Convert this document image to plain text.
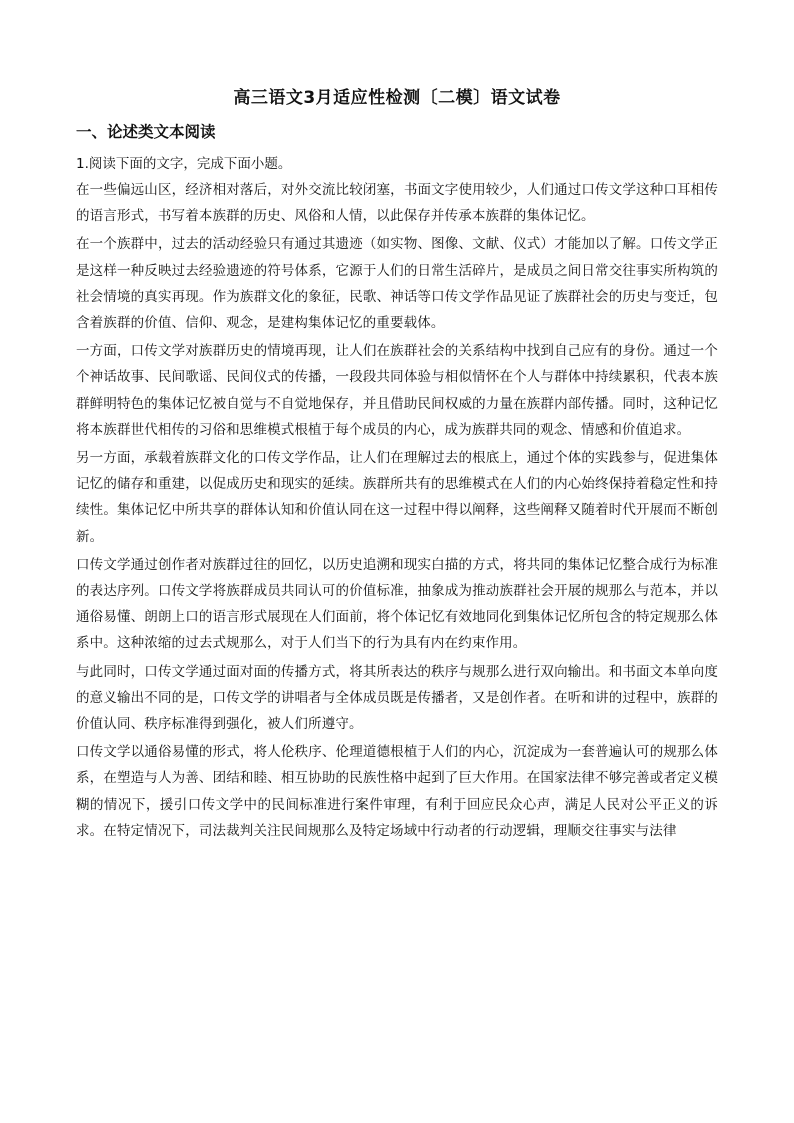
高三语文3月适应性检测〔二模〕语文试卷
一、论述类文本阅读

1.阅读下面的文字，完成下面小题。

在一些偏远山区，经济相对落后，对外交流比较闭塞，书面文字使用较少，人们通过口传文学这种口耳相传的语言形式，书写着本族群的历史、风俗和人情，以此保存并传承本族群的集体记忆。

在一个族群中，过去的活动经验只有通过其遗迹（如实物、图像、文献、仪式）才能加以了解。口传文学正是这样一种反映过去经验遗迹的符号体系，它源于人们的日常生活碎片，是成员之间日常交往事实所构筑的社会情境的真实再现。作为族群文化的象征，民歌、神话等口传文学作品见证了族群社会的历史与变迁，包含着族群的价值、信仰、观念，是建构集体记忆的重要载体。

一方面，口传文学对族群历史的情境再现，让人们在族群社会的关系结构中找到自己应有的身份。通过一个个神话故事、民间歌谣、民间仪式的传播，一段段共同体验与相似情怀在个人与群体中持续累积，代表本族群鲜明特色的集体记忆被自觉与不自觉地保存，并且借助民间权威的力量在族群内部传播。同时，这种记忆将本族群世代相传的习俗和思维模式根植于每个成员的内心，成为族群共同的观念、情感和价值追求。

另一方面，承载着族群文化的口传文学作品，让人们在理解过去的根底上，通过个体的实践参与，促进集体记忆的储存和重建，以促成历史和现实的延续。族群所共有的思维模式在人们的内心始终保持着稳定性和持续性。集体记忆中所共享的群体认知和价值认同在这一过程中得以阐释，这些阐释又随着时代开展而不断创新。

口传文学通过创作者对族群过往的回忆，以历史追溯和现实白描的方式，将共同的集体记忆整合成行为标准的表达序列。口传文学将族群成员共同认可的价值标准，抽象成为推动族群社会开展的规那么与范本，并以通俗易懂、朗朗上口的语言形式展现在人们面前，将个体记忆有效地同化到集体记忆所包含的特定规那么体系中。这种浓缩的过去式规那么，对于人们当下的行为具有内在约束作用。

与此同时，口传文学通过面对面的传播方式，将其所表达的秩序与规那么进行双向输出。和书面文本单向度的意义输出不同的是，口传文学的讲唱者与全体成员既是传播者，又是创作者。在听和讲的过程中，族群的价值认同、秩序标准得到强化，被人们所遵守。

口传文学以通俗易懂的形式，将人伦秩序、伦理道德根植于人们的内心，沉淀成为一套普遍认可的规那么体系，在塑造与人为善、团结和睦、相互协助的民族性格中起到了巨大作用。在国家法律不够完善或者定义模糊的情况下，援引口传文学中的民间标准进行案件审理，有利于回应民众心声，满足人民对公平正义的诉求。在特定情况下，司法裁判关注民间规那么及特定场域中行动者的行动逻辑，理顺交往事实与法律
